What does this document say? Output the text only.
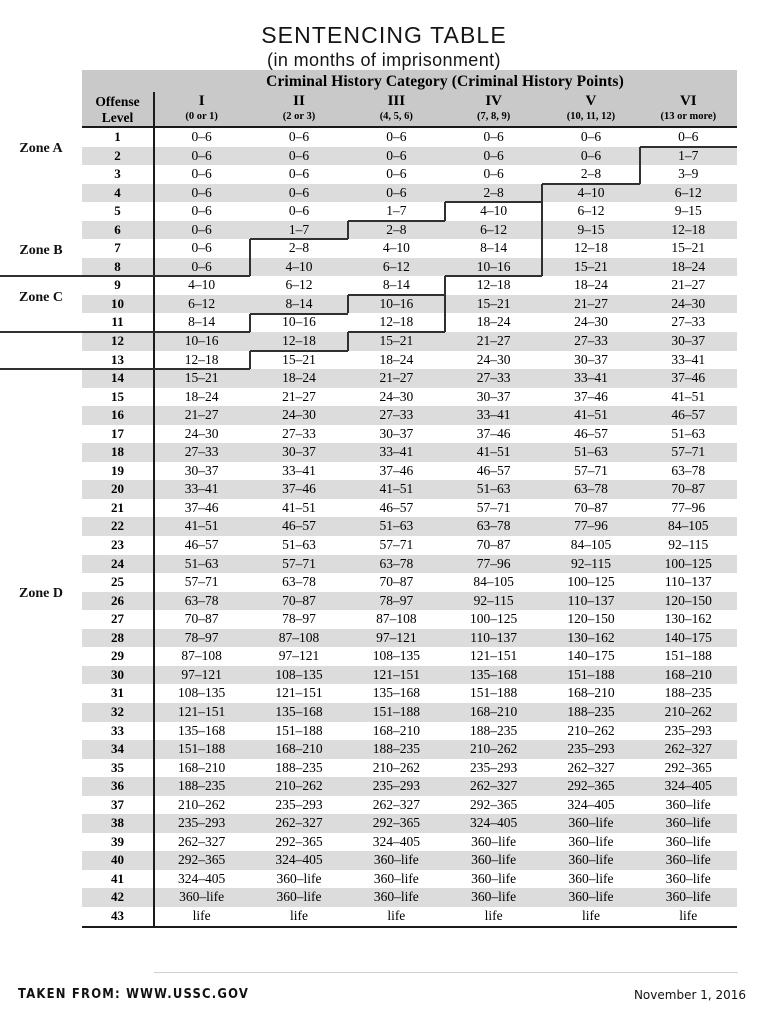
SENTENCING TABLE
(in months of imprisonment)
Criminal History Category (Criminal History Points)
Offense
Level
I
(0 or 1)
II
(2 or 3)
III
(4, 5, 6)
IV
(7, 8, 9)
V
(10, 11, 12)
VI
(13 or more)
1	0–6	0–6	0–6	0–6	0–6	0–6
2	0–6	0–6	0–6	0–6	0–6	1–7
3	0–6	0–6	0–6	0–6	2–8	3–9
4	0–6	0–6	0–6	2–8	4–10	6–12
5	0–6	0–6	1–7	4–10	6–12	9–15
6	0–6	1–7	2–8	6–12	9–15	12–18
7	0–6	2–8	4–10	8–14	12–18	15–21
8	0–6	4–10	6–12	10–16	15–21	18–24
9	4–10	6–12	8–14	12–18	18–24	21–27
10	6–12	8–14	10–16	15–21	21–27	24–30
11	8–14	10–16	12–18	18–24	24–30	27–33
12	10–16	12–18	15–21	21–27	27–33	30–37
13	12–18	15–21	18–24	24–30	30–37	33–41
14	15–21	18–24	21–27	27–33	33–41	37–46
15	18–24	21–27	24–30	30–37	37–46	41–51
16	21–27	24–30	27–33	33–41	41–51	46–57
17	24–30	27–33	30–37	37–46	46–57	51–63
18	27–33	30–37	33–41	41–51	51–63	57–71
19	30–37	33–41	37–46	46–57	57–71	63–78
20	33–41	37–46	41–51	51–63	63–78	70–87
21	37–46	41–51	46–57	57–71	70–87	77–96
22	41–51	46–57	51–63	63–78	77–96	84–105
23	46–57	51–63	57–71	70–87	84–105	92–115
24	51–63	57–71	63–78	77–96	92–115	100–125
25	57–71	63–78	70–87	84–105	100–125	110–137
26	63–78	70–87	78–97	92–115	110–137	120–150
27	70–87	78–97	87–108	100–125	120–150	130–162
28	78–97	87–108	97–121	110–137	130–162	140–175
29	87–108	97–121	108–135	121–151	140–175	151–188
30	97–121	108–135	121–151	135–168	151–188	168–210
31	108–135	121–151	135–168	151–188	168–210	188–235
32	121–151	135–168	151–188	168–210	188–235	210–262
33	135–168	151–188	168–210	188–235	210–262	235–293
34	151–188	168–210	188–235	210–262	235–293	262–327
35	168–210	188–235	210–262	235–293	262–327	292–365
36	188–235	210–262	235–293	262–327	292–365	324–405
37	210–262	235–293	262–327	292–365	324–405	360–life
38	235–293	262–327	292–365	324–405	360–life	360–life
39	262–327	292–365	324–405	360–life	360–life	360–life
40	292–365	324–405	360–life	360–life	360–life	360–life
41	324–405	360–life	360–life	360–life	360–life	360–life
42	360–life	360–life	360–life	360–life	360–life	360–life
43	life	life	life	life	life	life
Zone A
Zone B
Zone C
Zone D
TAKEN FROM: WWW.USSC.GOV	November 1, 2016
